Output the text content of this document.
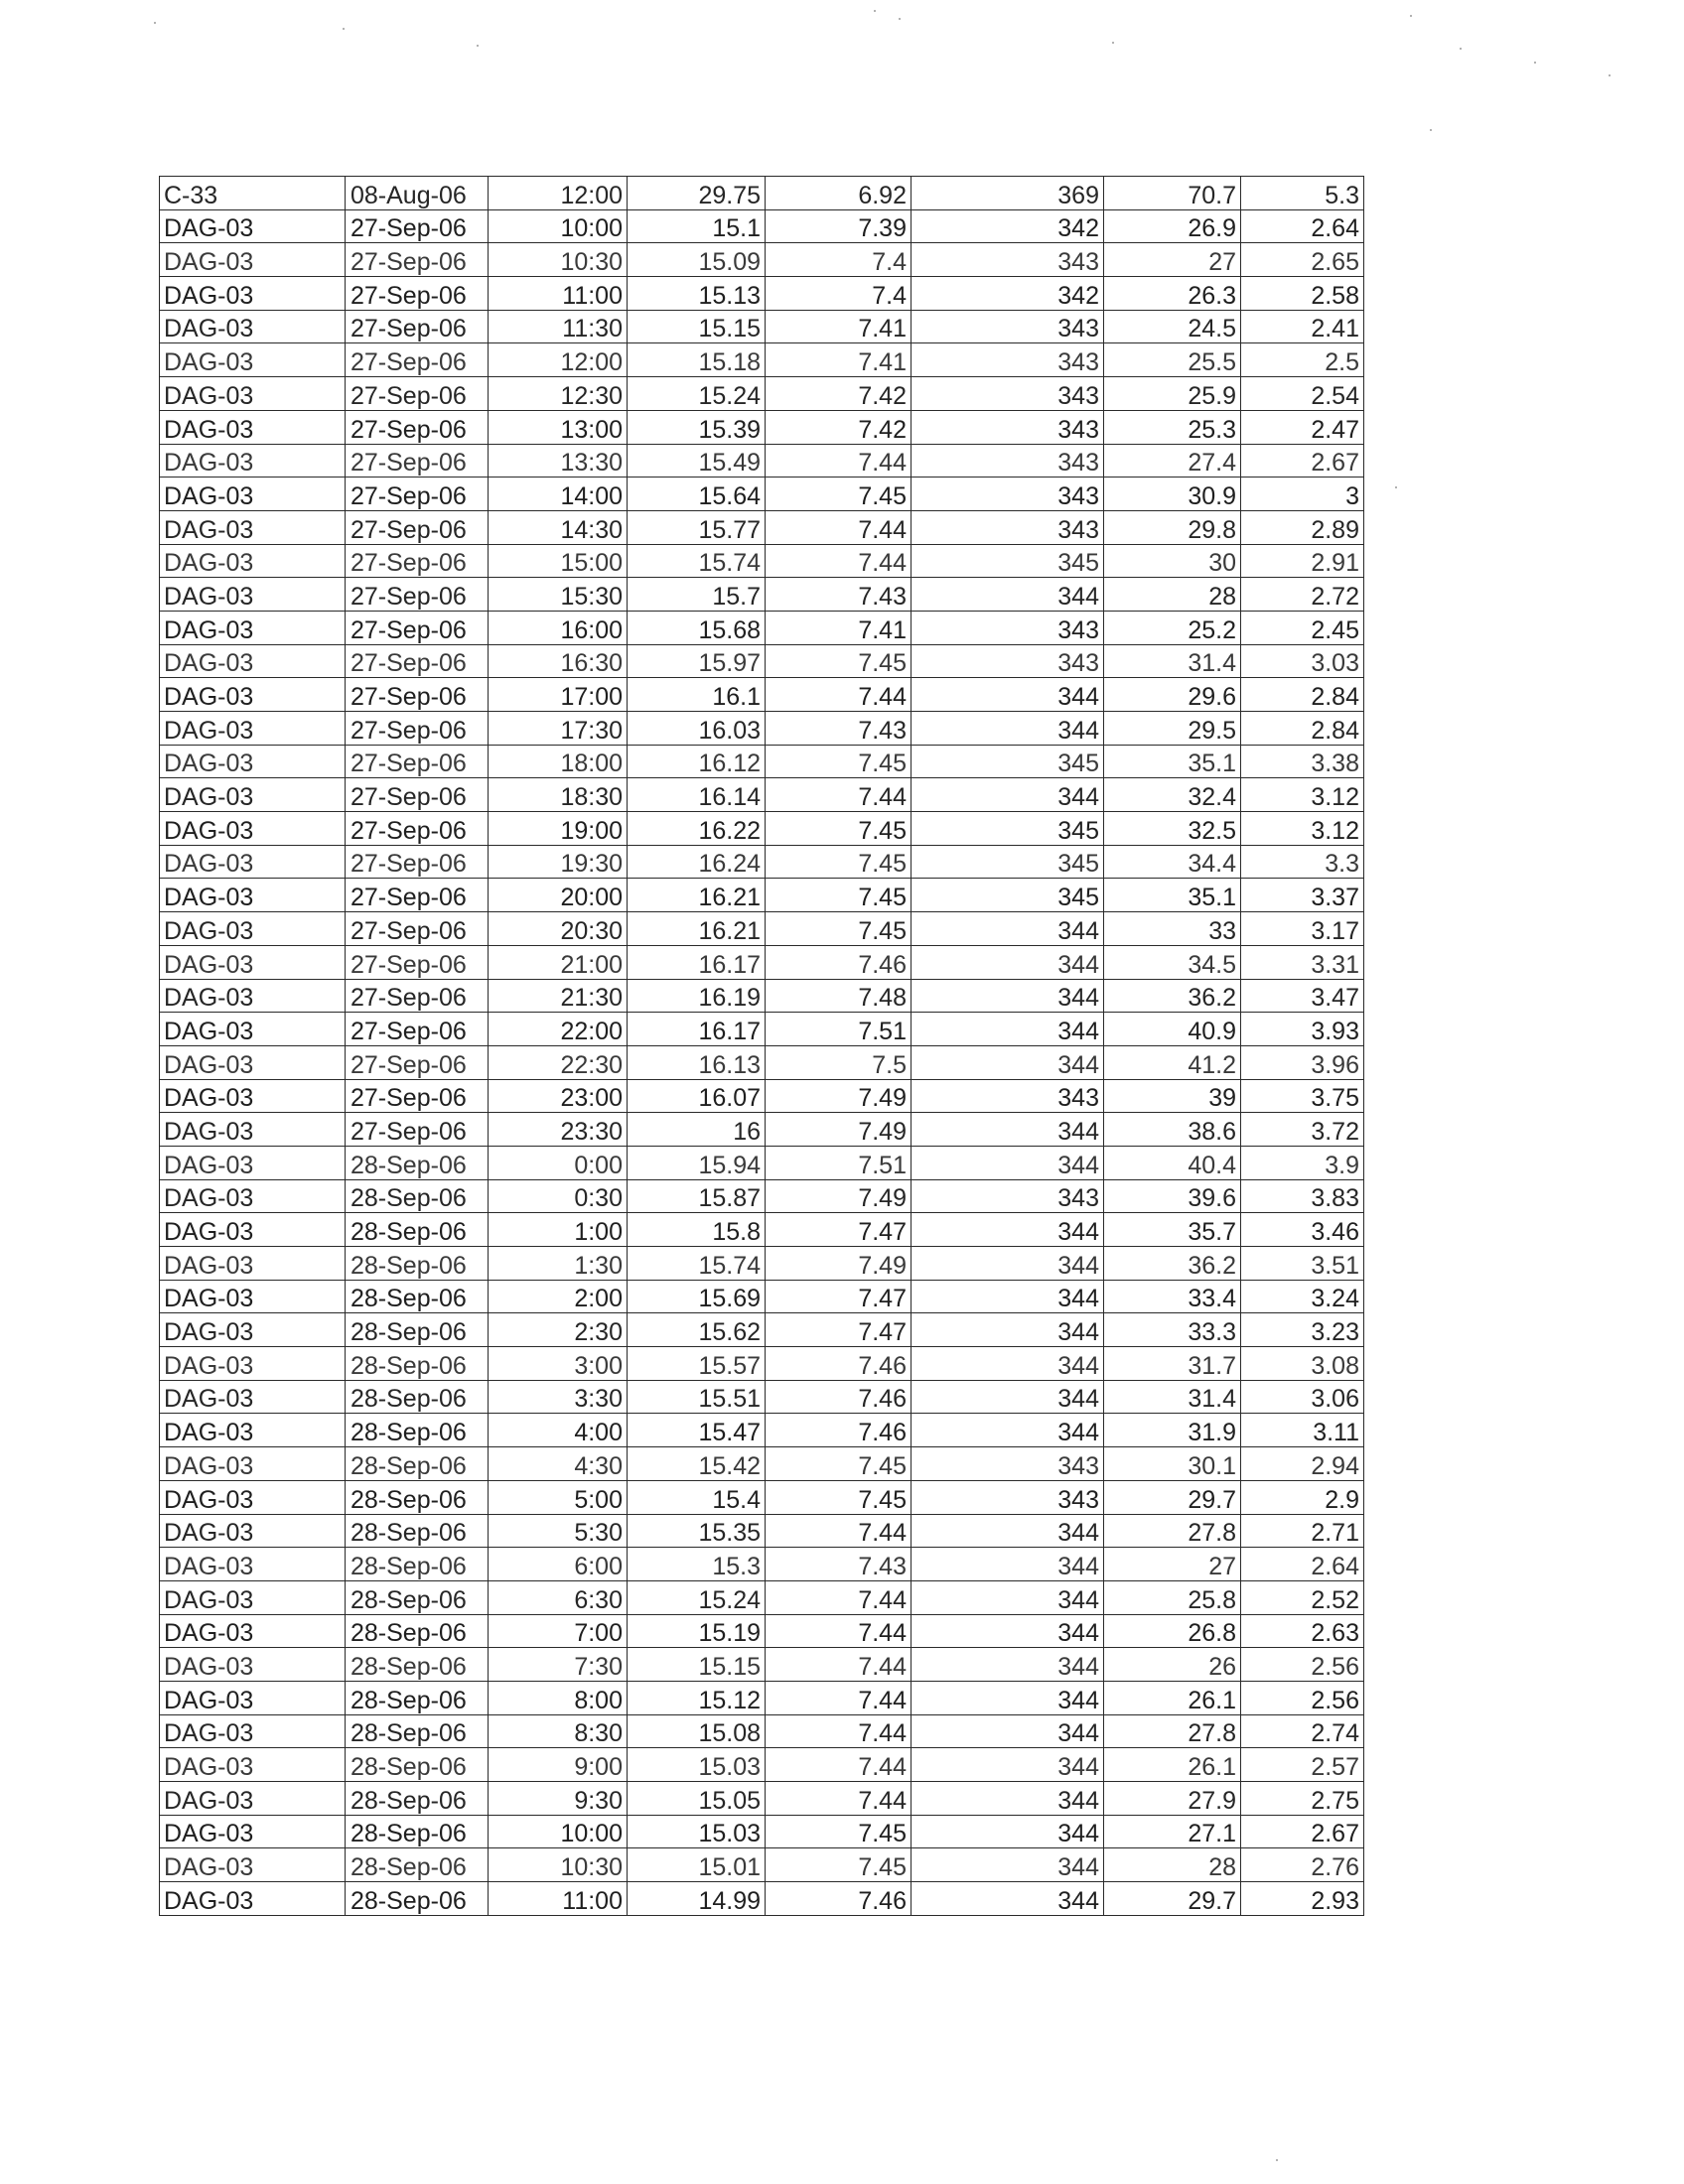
C-33	08-Aug-06	12:00	29.75	6.92	369	70.7	5.3
DAG-03	27-Sep-06	10:00	15.1	7.39	342	26.9	2.64
DAG-03	27-Sep-06	10:30	15.09	7.4	343	27	2.65
DAG-03	27-Sep-06	11:00	15.13	7.4	342	26.3	2.58
DAG-03	27-Sep-06	11:30	15.15	7.41	343	24.5	2.41
DAG-03	27-Sep-06	12:00	15.18	7.41	343	25.5	2.5
DAG-03	27-Sep-06	12:30	15.24	7.42	343	25.9	2.54
DAG-03	27-Sep-06	13:00	15.39	7.42	343	25.3	2.47
DAG-03	27-Sep-06	13:30	15.49	7.44	343	27.4	2.67
DAG-03	27-Sep-06	14:00	15.64	7.45	343	30.9	3
DAG-03	27-Sep-06	14:30	15.77	7.44	343	29.8	2.89
DAG-03	27-Sep-06	15:00	15.74	7.44	345	30	2.91
DAG-03	27-Sep-06	15:30	15.7	7.43	344	28	2.72
DAG-03	27-Sep-06	16:00	15.68	7.41	343	25.2	2.45
DAG-03	27-Sep-06	16:30	15.97	7.45	343	31.4	3.03
DAG-03	27-Sep-06	17:00	16.1	7.44	344	29.6	2.84
DAG-03	27-Sep-06	17:30	16.03	7.43	344	29.5	2.84
DAG-03	27-Sep-06	18:00	16.12	7.45	345	35.1	3.38
DAG-03	27-Sep-06	18:30	16.14	7.44	344	32.4	3.12
DAG-03	27-Sep-06	19:00	16.22	7.45	345	32.5	3.12
DAG-03	27-Sep-06	19:30	16.24	7.45	345	34.4	3.3
DAG-03	27-Sep-06	20:00	16.21	7.45	345	35.1	3.37
DAG-03	27-Sep-06	20:30	16.21	7.45	344	33	3.17
DAG-03	27-Sep-06	21:00	16.17	7.46	344	34.5	3.31
DAG-03	27-Sep-06	21:30	16.19	7.48	344	36.2	3.47
DAG-03	27-Sep-06	22:00	16.17	7.51	344	40.9	3.93
DAG-03	27-Sep-06	22:30	16.13	7.5	344	41.2	3.96
DAG-03	27-Sep-06	23:00	16.07	7.49	343	39	3.75
DAG-03	27-Sep-06	23:30	16	7.49	344	38.6	3.72
DAG-03	28-Sep-06	0:00	15.94	7.51	344	40.4	3.9
DAG-03	28-Sep-06	0:30	15.87	7.49	343	39.6	3.83
DAG-03	28-Sep-06	1:00	15.8	7.47	344	35.7	3.46
DAG-03	28-Sep-06	1:30	15.74	7.49	344	36.2	3.51
DAG-03	28-Sep-06	2:00	15.69	7.47	344	33.4	3.24
DAG-03	28-Sep-06	2:30	15.62	7.47	344	33.3	3.23
DAG-03	28-Sep-06	3:00	15.57	7.46	344	31.7	3.08
DAG-03	28-Sep-06	3:30	15.51	7.46	344	31.4	3.06
DAG-03	28-Sep-06	4:00	15.47	7.46	344	31.9	3.11
DAG-03	28-Sep-06	4:30	15.42	7.45	343	30.1	2.94
DAG-03	28-Sep-06	5:00	15.4	7.45	343	29.7	2.9
DAG-03	28-Sep-06	5:30	15.35	7.44	344	27.8	2.71
DAG-03	28-Sep-06	6:00	15.3	7.43	344	27	2.64
DAG-03	28-Sep-06	6:30	15.24	7.44	344	25.8	2.52
DAG-03	28-Sep-06	7:00	15.19	7.44	344	26.8	2.63
DAG-03	28-Sep-06	7:30	15.15	7.44	344	26	2.56
DAG-03	28-Sep-06	8:00	15.12	7.44	344	26.1	2.56
DAG-03	28-Sep-06	8:30	15.08	7.44	344	27.8	2.74
DAG-03	28-Sep-06	9:00	15.03	7.44	344	26.1	2.57
DAG-03	28-Sep-06	9:30	15.05	7.44	344	27.9	2.75
DAG-03	28-Sep-06	10:00	15.03	7.45	344	27.1	2.67
DAG-03	28-Sep-06	10:30	15.01	7.45	344	28	2.76
DAG-03	28-Sep-06	11:00	14.99	7.46	344	29.7	2.93
